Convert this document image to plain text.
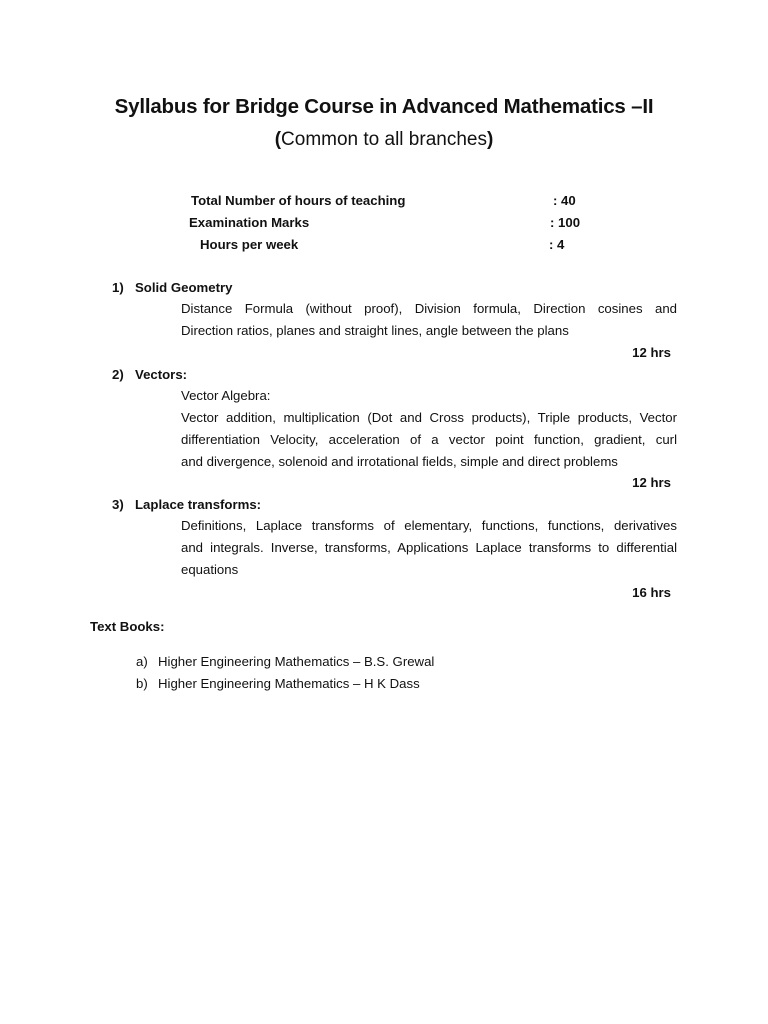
Syllabus for Bridge Course in Advanced Mathematics –II
(Common to all branches)
Total Number of hours of teaching	: 40
Examination Marks	: 100
Hours per week	: 4
1) Solid Geometry
Distance Formula (without proof), Division formula, Direction cosines and
Direction ratios, planes and straight lines, angle between the plans
12 hrs
2) Vectors:
Vector Algebra:
Vector addition, multiplication (Dot and Cross products), Triple products, Vector
differentiation Velocity, acceleration of a vector point function, gradient, curl
and divergence, solenoid and irrotational fields, simple and direct problems
12 hrs
3) Laplace transforms:
Definitions, Laplace transforms of elementary, functions, functions, derivatives
and integrals. Inverse, transforms, Applications Laplace transforms to differential
equations
16 hrs
Text Books:
a) Higher Engineering Mathematics – B.S. Grewal
b) Higher Engineering Mathematics – H K Dass
